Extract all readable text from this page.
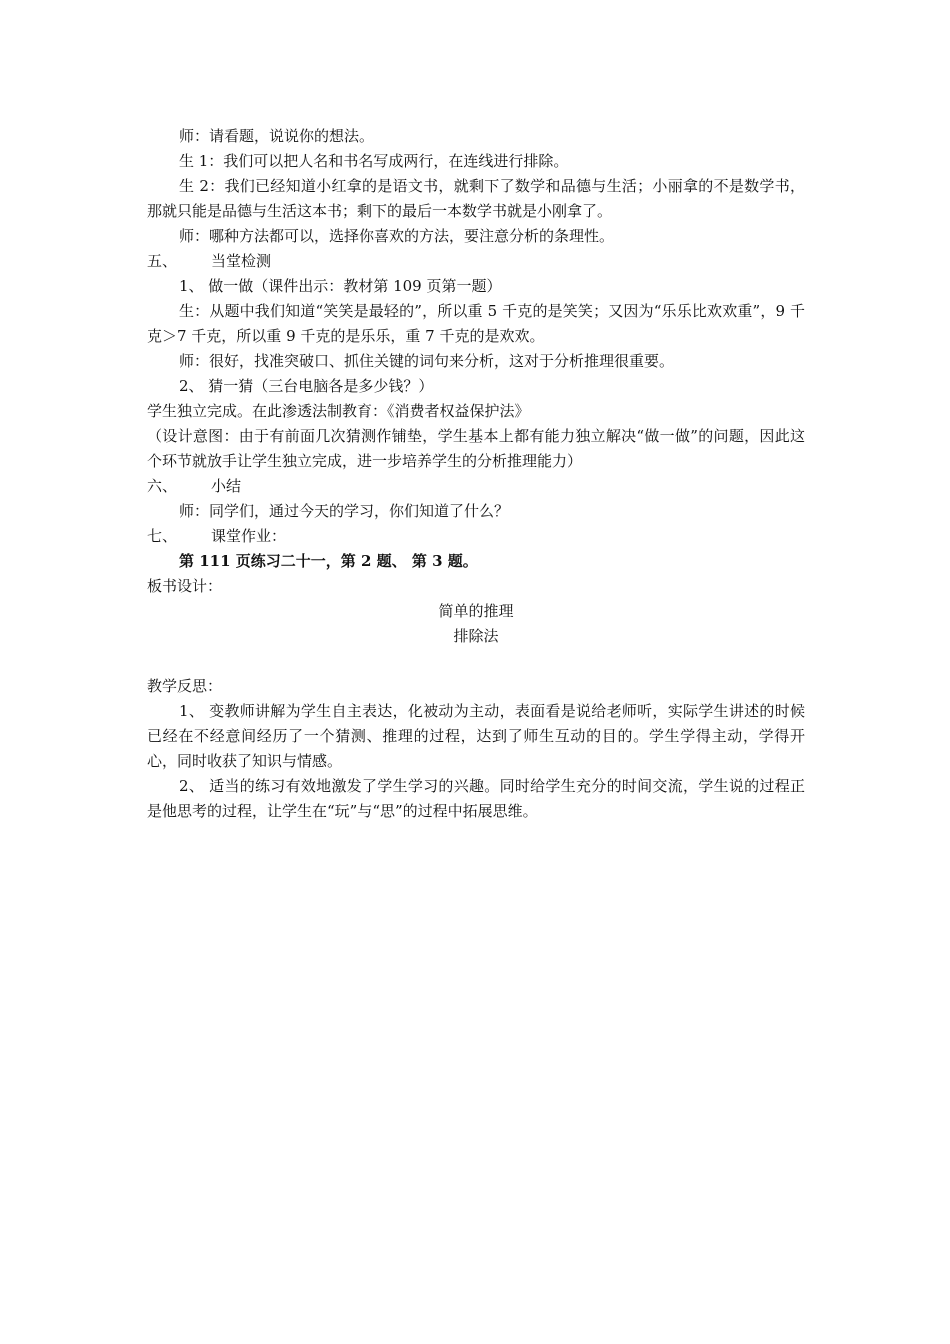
师：请看题，说说你的想法。

生 1：我们可以把人名和书名写成两行，在连线进行排除。

生 2：我们已经知道小红拿的是语文书，就剩下了数学和品德与生活；小丽拿的不是数学书，那就只能是品德与生活这本书；剩下的最后一本数学书就是小刚拿了。

师：哪种方法都可以，选择你喜欢的方法，要注意分析的条理性。

五、	当堂检测

1、 做一做（课件出示：教材第 109 页第一题）

生：从题中我们知道“笑笑是最轻的”，所以重 5 千克的是笑笑；又因为“乐乐比欢欢重”，9 千克＞7 千克，所以重 9 千克的是乐乐，重 7 千克的是欢欢。

师：很好，找准突破口、抓住关键的词句来分析，这对于分析推理很重要。

2、 猜一猜（三台电脑各是多少钱？）

学生独立完成。在此渗透法制教育：《消费者权益保护法》

（设计意图：由于有前面几次猜测作铺垫，学生基本上都有能力独立解决“做一做”的问题，因此这个环节就放手让学生独立完成，进一步培养学生的分析推理能力）

六、	小结

师：同学们，通过今天的学习，你们知道了什么？

七、	课堂作业：

第 111 页练习二十一，第 2 题、 第 3 题。

板书设计：

简单的推理

排除法

教学反思：

1、 变教师讲解为学生自主表达，化被动为主动，表面看是说给老师听，实际学生讲述的时候已经在不经意间经历了一个猜测、推理的过程，达到了师生互动的目的。学生学得主动，学得开心，同时收获了知识与情感。

2、 适当的练习有效地激发了学生学习的兴趣。同时给学生充分的时间交流，学生说的过程正是他思考的过程，让学生在“玩”与“思”的过程中拓展思维。
